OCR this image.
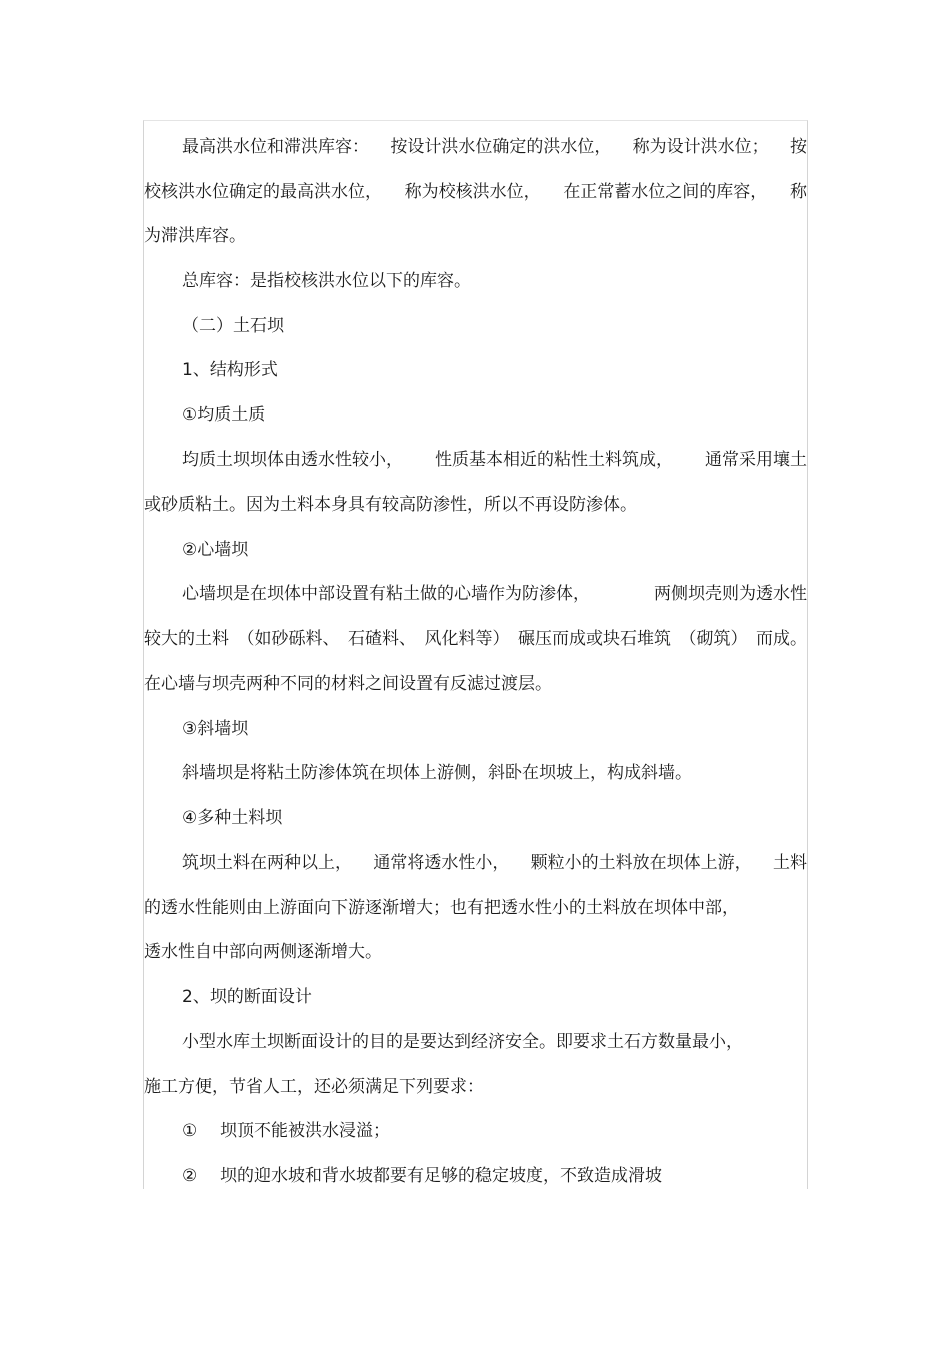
最高洪水位和滞洪库容： 按设计洪水位确定的洪水位， 称为设计洪水位； 按
校核洪水位确定的最高洪水位， 称为校核洪水位， 在正常蓄水位之间的库容， 称
为滞洪库容。
总库容：是指校核洪水位以下的库容。
（二）土石坝
1、结构形式
①均质土质
均质土坝坝体由透水性较小， 性质基本相近的粘性土料筑成， 通常采用壤土
或砂质粘土。因为土料本身具有较高防渗性，所以不再设防渗体。
②心墙坝
心墙坝是在坝体中部设置有粘土做的心墙作为防渗体，	两侧坝壳则为透水性
较大的土料 （如砂砾料、 石碴料、 风化料等） 碾压而成或块石堆筑 （砌筑） 而成。
在心墙与坝壳两种不同的材料之间设置有反滤过渡层。
③斜墙坝
斜墙坝是将粘土防渗体筑在坝体上游侧，斜卧在坝坡上，构成斜墙。
④多种土料坝
筑坝土料在两种以上， 通常将透水性小， 颗粒小的土料放在坝体上游， 土料
的透水性能则由上游面向下游逐渐增大；也有把透水性小的土料放在坝体中部，
透水性自中部向两侧逐渐增大。
2、坝的断面设计
小型水库土坝断面设计的目的是要达到经济安全。即要求土石方数量最小，
施工方便，节省人工，还必须满足下列要求：
① 坝顶不能被洪水浸溢；
② 坝的迎水坡和背水坡都要有足够的稳定坡度，不致造成滑坡
